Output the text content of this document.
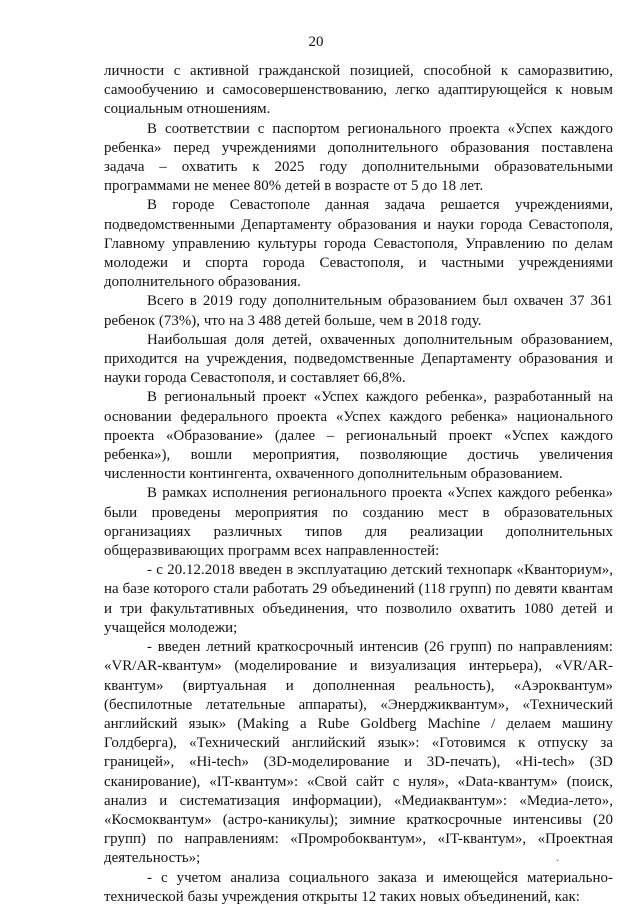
20

личности с активной гражданской позицией, способной к саморазвитию, самообучению и самосовершенствованию, легко адаптирующейся к новым социальным отношениям.

В соответствии с паспортом регионального проекта «Успех каждого ребенка» перед учреждениями дополнительного образования поставлена задача – охватить к 2025 году дополнительными образовательными программами не менее 80% детей в возрасте от 5 до 18 лет.

В городе Севастополе данная задача решается учреждениями, подведомственными Департаменту образования и науки города Севастополя, Главному управлению культуры города Севастополя, Управлению по делам молодежи и спорта города Севастополя, и частными учреждениями дополнительного образования.

Всего в 2019 году дополнительным образованием был охвачен 37 361 ребенок (73%), что на 3 488 детей больше, чем в 2018 году.

Наибольшая доля детей, охваченных дополнительным образованием, приходится на учреждения, подведомственные Департаменту образования и науки города Севастополя, и составляет 66,8%.

В региональный проект «Успех каждого ребенка», разработанный на основании федерального проекта «Успех каждого ребенка» национального проекта «Образование» (далее – региональный проект «Успех каждого ребенка»), вошли мероприятия, позволяющие достичь увеличения численности контингента, охваченного дополнительным образованием.

В рамках исполнения регионального проекта «Успех каждого ребенка» были проведены мероприятия по созданию мест в образовательных организациях различных типов для реализации дополнительных общеразвивающих программ всех направленностей:

- с 20.12.2018 введен в эксплуатацию детский технопарк «Кванториум», на базе которого стали работать 29 объединений (118 групп) по девяти квантам и три факультативных объединения, что позволило охватить 1080 детей и учащейся молодежи;

- введен летний краткосрочный интенсив (26 групп) по направлениям: «VR/AR-квантум» (моделирование и визуализация интерьера), «VR/AR-квантум» (виртуальная и дополненная реальность), «Аэроквантум» (беспилотные летательные аппараты), «Энерджиквантум», «Технический английский язык» (Making a Rube Goldberg Machine / делаем машину Голдберга), «Технический английский язык»: «Готовимся к отпуску за границей», «Hi-tech» (3D-моделирование и 3D-печать), «Hi-tech» (3D сканирование), «IT-квантум»: «Свой сайт с нуля», «Data-квантум» (поиск, анализ и систематизация информации), «Медиаквантум»: «Медиа-лето», «Космоквантум» (астро-каникулы); зимние краткосрочные интенсивы (20 групп) по направлениям: «Промробоквантум», «IT-квантум», «Проектная деятельность»;

- с учетом анализа социального заказа и имеющейся материально-технической базы учреждения открыты 12 таких новых объединений, как:

ˇ
